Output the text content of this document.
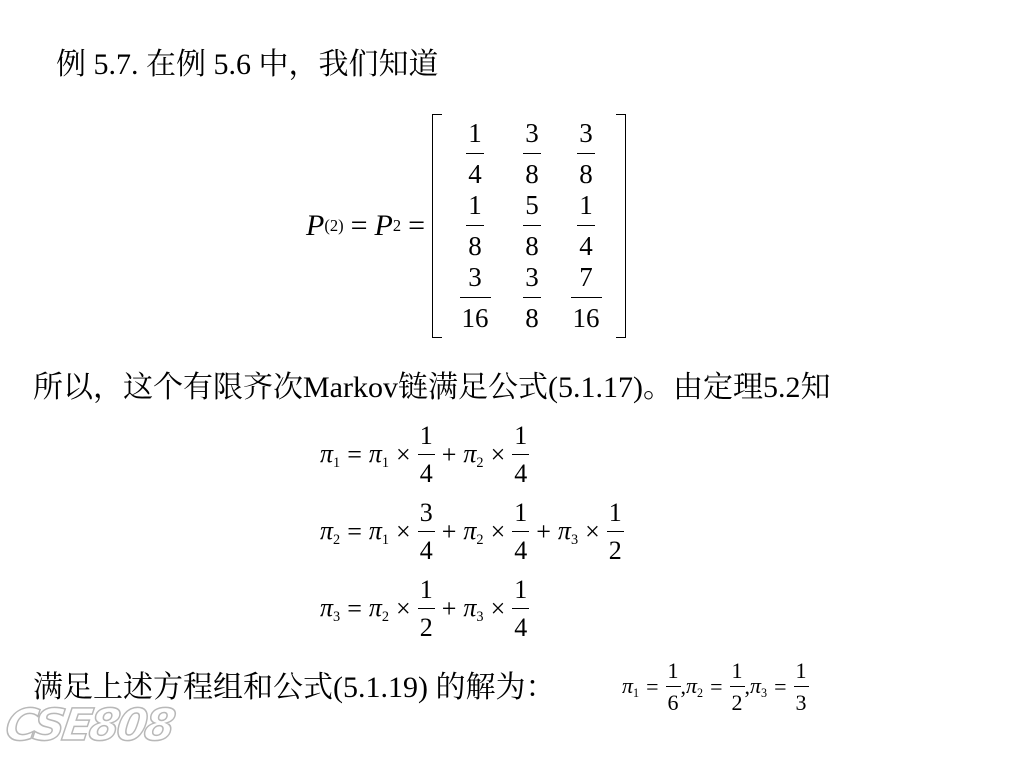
例 5.7. 在例 5.6 中，我们知道
P (2) = P 2 =
$\frac{1}{4} \frac{3}{8} \frac{3}{8}$
$\frac{1}{8} \frac{5}{8} \frac{1}{4}$
$\frac{3}{16} \frac{3}{8} \frac{7}{16}$
所以，这个有限齐次Markov链满足公式(5.1.17)。由定理5.2知
$\pi_1 = \pi_1 \times \frac{1}{4} + \pi_2 \times \frac{1}{4}$
$\pi_2 = \pi_1 \times \frac{3}{4} + \pi_2 \times \frac{1}{4} + \pi_3 \times \frac{1}{2}$
$\pi_3 = \pi_2 \times \frac{1}{2} + \pi_3 \times \frac{1}{4}$
满足上述方程组和公式(5.1.19) 的解为：	$\pi_1 = \frac{1}{6}$ , $\pi_2 = \frac{1}{2}$ , $\pi_3 = \frac{1}{3}$
CSE808
